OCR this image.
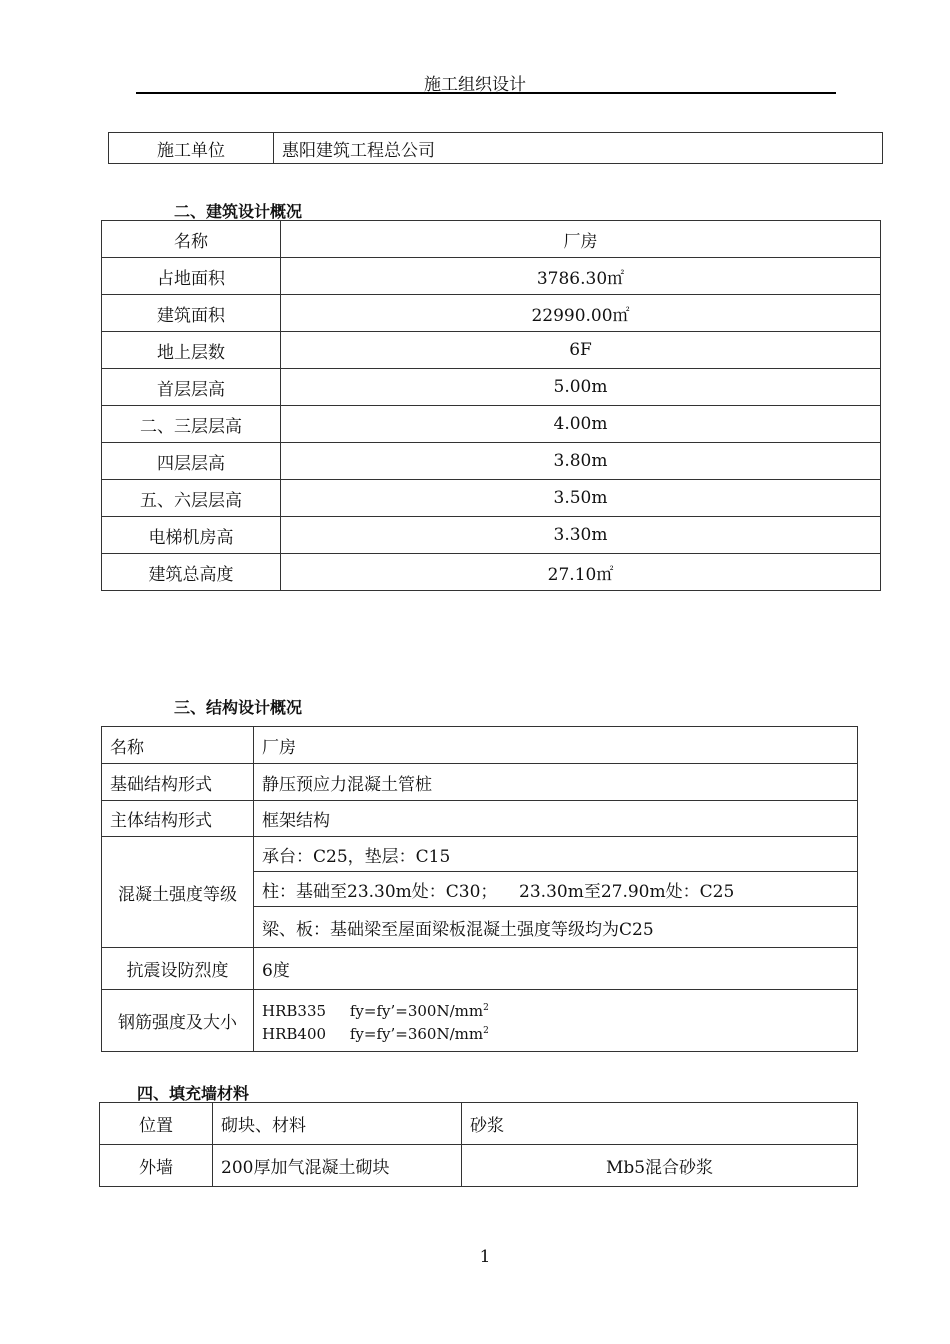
施工组织设计
施工单位	惠阳建筑工程总公司
二、建筑设计概况
名称	厂房
占地面积	3786.30㎡
建筑面积	22990.00㎡
地上层数	6F
首层层高	5.00m
二、三层层高	4.00m
四层层高	3.80m
五、六层层高	3.50m
电梯机房高	3.30m
建筑总高度	27.10㎡
三、结构设计概况
名称	厂房
基础结构形式	静压预应力混凝土管桩
主体结构形式	框架结构
混凝土强度等级	承台：C25，垫层：C15
	柱：基础至23.30m处：C30；    23.30m至27.90m处：C25
	梁、板：基础梁至屋面梁板混凝土强度等级均为C25
抗震设防烈度	6度
钢筋强度及大小	HRB335 $fy=fy’=300N/mm^2$
HRB400 $fy=fy’=360N/mm^2$
四、填充墙材料
位置	砌块、材料	砂浆
外墙	200厚加气混凝土砌块	Mb5混合砂浆
1
